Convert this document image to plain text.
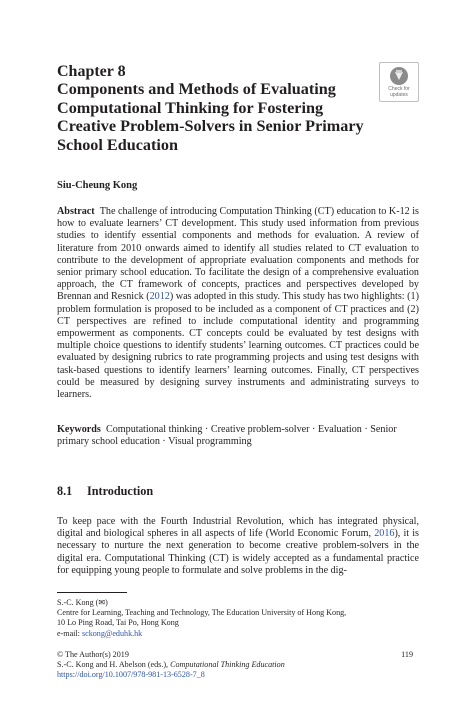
Chapter 8
Components and Methods of Evaluating Computational Thinking for Fostering Creative Problem-Solvers in Senior Primary School Education
Check for
updates
Siu-Cheung Kong

Abstract The challenge of introducing Computation Thinking (CT) education to K-12 is how to evaluate learners’ CT development. This study used information from previous studies to identify essential components and methods for evaluation. A review of literature from 2010 onwards aimed to identify all studies related to CT evaluation to contribute to the development of appropriate evaluation components and methods for senior primary school education. To facilitate the design of a comprehensive evaluation approach, the CT framework of concepts, practices and perspectives developed by Brennan and Resnick (2012) was adopted in this study. This study has two highlights: (1) problem formulation is proposed to be included as a component of CT practices and (2) CT perspectives are refined to include computational identity and programming empowerment as components. CT concepts could be evaluated by test designs with multiple choice questions to identify students’ learning outcomes. CT practices could be evaluated by designing rubrics to rate programming projects and using test designs with task-based questions to identify learners’ learning outcomes. Finally, CT perspectives could be measured by designing survey instruments and administrating surveys to learners.

Keywords Computational thinking · Creative problem-solver · Evaluation · Senior primary school education · Visual programming

8.1 Introduction

To keep pace with the Fourth Industrial Revolution, which has integrated physical, digital and biological spheres in all aspects of life (World Economic Forum, 2016), it is necessary to nurture the next generation to become creative problem-solvers in the digital era. Computational Thinking (CT) is widely accepted as a fundamental practice for equipping young people to formulate and solve problems in the dig-

S.-C. Kong (✉)
Centre for Learning, Teaching and Technology, The Education University of Hong Kong,
10 Lo Ping Road, Tai Po, Hong Kong
e-mail: sckong@eduhk.hk

119
© The Author(s) 2019
S.-C. Kong and H. Abelson (eds.), Computational Thinking Education
https://doi.org/10.1007/978-981-13-6528-7_8
